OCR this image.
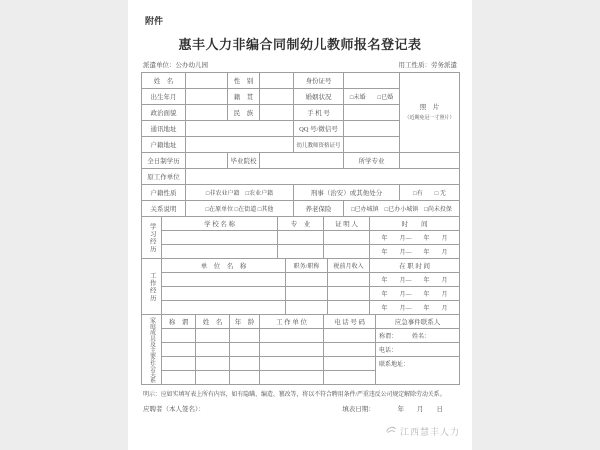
附件
惠丰人力非编合同制幼儿教师报名登记表
派遣单位：公办幼儿园	用工性质：劳务派遣
姓　名		性　别		身份证号		照　片
（近期免冠一寸照片）

出生年月		籍　贯		婚姻状况	□未婚　　□已婚	
政治面貌		民　族		手 机 号		
通讯地址				QQ 号/微信号		
户籍地址				幼儿教师资格证号		
全日制学历		毕业院校			所学专业	
原工作单位						
户籍性质	□非农业户籍　□农业户籍			刑事（治安）或其他处分		□有　　□ 无
关系说明	□在原单位 □在街道 □其他			养老保险	□已办城镇　□已办小城镇　□尚未投保	
学习经历	学 校 名 称	专　业	证 明 人	时　　间
				年　　月—　　年　　月
				年　　月—　　年　　月
工作经历	单　位　名　称	职务/职称	税前月收入	在 职 时 间
				年　　月—　　年　　月
				年　　月—　　年　　月
				年　　月—　　年　　月
家庭成员及主要社会关系	称　谓	姓　名	年　龄	工 作 单 位	电 话 号 码	应急事件联系人
						称谓：　　　姓名：
						电话：
						联系地址：

明示：应如实填写表上所有内容，如有隐瞒、编造、篡改等，将以不符合聘用条件/严重违反公司规定解除劳动关系。
应聘者（本人签名）：	填表日期：　　　　年　　月　　日
江西慧丰人力
